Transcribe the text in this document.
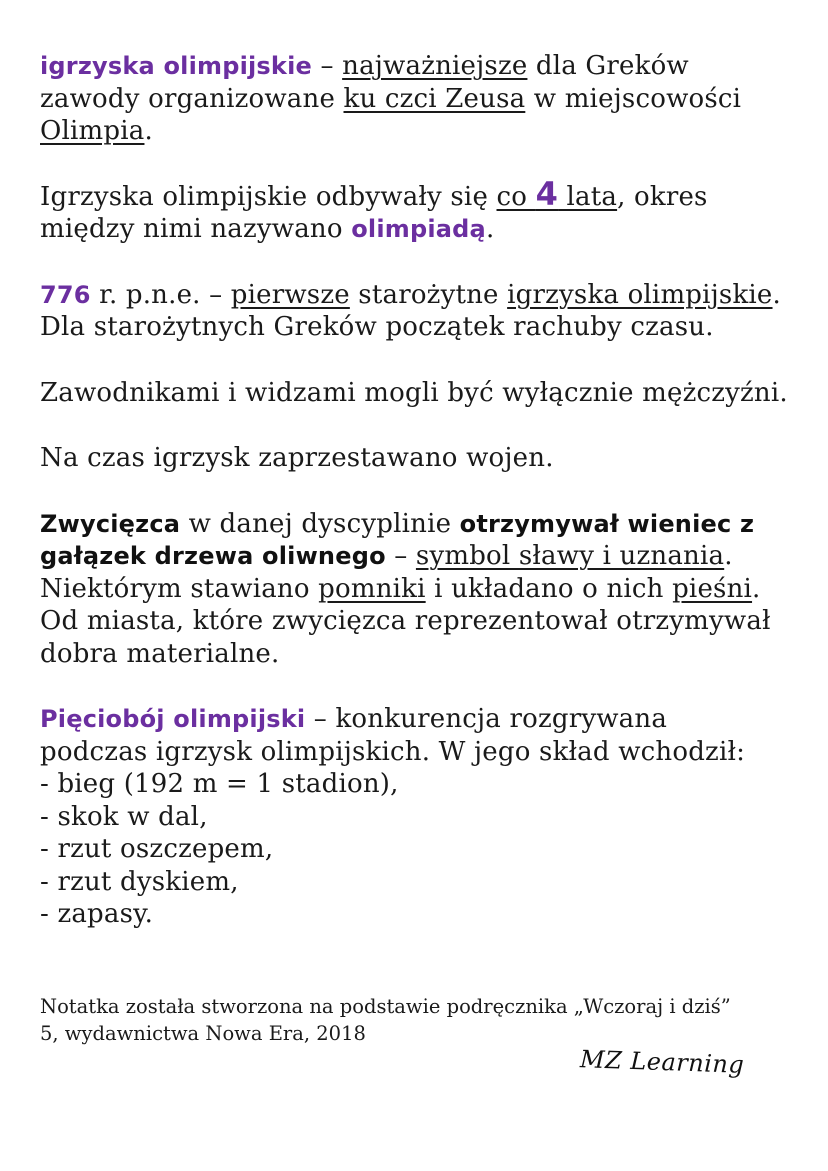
igrzyska olimpijskie – najważniejsze dla Greków
zawody organizowane ku czci Zeusa w miejscowości
Olimpia.

Igrzyska olimpijskie odbywały się co 4 lata, okres
między nimi nazywano olimpiadą.

776 r. p.n.e. – pierwsze starożytne igrzyska olimpijskie.
Dla starożytnych Greków początek rachuby czasu.

Zawodnikami i widzami mogli być wyłącznie mężczyźni.

Na czas igrzysk zaprzestawano wojen.

Zwycięzca w danej dyscyplinie otrzymywał wieniec z
gałązek drzewa oliwnego – symbol sławy i uznania.
Niektórym stawiano pomniki i układano o nich pieśni.
Od miasta, które zwycięzca reprezentował otrzymywał
dobra materialne.

Pięciobój olimpijski – konkurencja rozgrywana
podczas igrzysk olimpijskich. W jego skład wchodził:
- bieg (192 m = 1 stadion),
- skok w dal,
- rzut oszczepem,
- rzut dyskiem,
- zapasy.

Notatka została stworzona na podstawie podręcznika „Wczoraj i dziś”
5, wydawnictwa Nowa Era, 2018
MZ Learning
